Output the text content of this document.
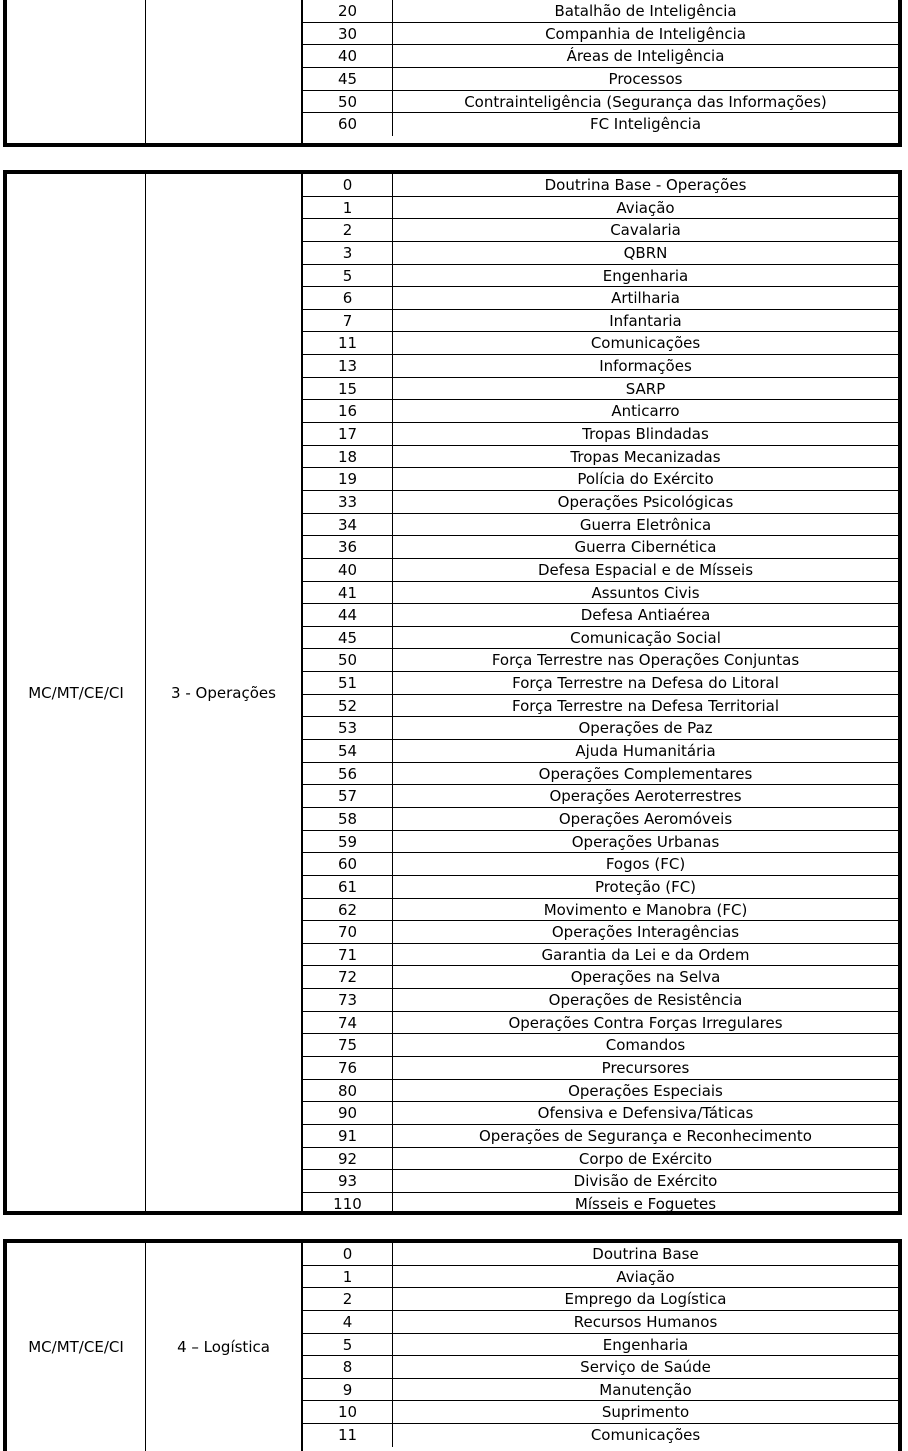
20	Batalhão de Inteligência
30	Companhia de Inteligência
40	Áreas de Inteligência
45	Processos
50	Contrainteligência (Segurança das Informações)
60	FC Inteligência
MC/MT/CE/CI	3 - Operações
0	Doutrina Base - Operações
1	Aviação
2	Cavalaria
3	QBRN
5	Engenharia
6	Artilharia
7	Infantaria
11	Comunicações
13	Informações
15	SARP
16	Anticarro
17	Tropas Blindadas
18	Tropas Mecanizadas
19	Polícia do Exército
33	Operações Psicológicas
34	Guerra Eletrônica
36	Guerra Cibernética
40	Defesa Espacial e de Mísseis
41	Assuntos Civis
44	Defesa Antiaérea
45	Comunicação Social
50	Força Terrestre nas Operações Conjuntas
51	Força Terrestre na Defesa do Litoral
52	Força Terrestre na Defesa Territorial
53	Operações de Paz
54	Ajuda Humanitária
56	Operações Complementares
57	Operações Aeroterrestres
58	Operações Aeromóveis
59	Operações Urbanas
60	Fogos (FC)
61	Proteção (FC)
62	Movimento e Manobra (FC)
70	Operações Interagências
71	Garantia da Lei e da Ordem
72	Operações na Selva
73	Operações de Resistência
74	Operações Contra Forças Irregulares
75	Comandos
76	Precursores
80	Operações Especiais
90	Ofensiva e Defensiva/Táticas
91	Operações de Segurança e Reconhecimento
92	Corpo de Exército
93	Divisão de Exército
110	Mísseis e Foguetes
MC/MT/CE/CI	4 – Logística
0	Doutrina Base
1	Aviação
2	Emprego da Logística
4	Recursos Humanos
5	Engenharia
8	Serviço de Saúde
9	Manutenção
10	Suprimento
11	Comunicações
